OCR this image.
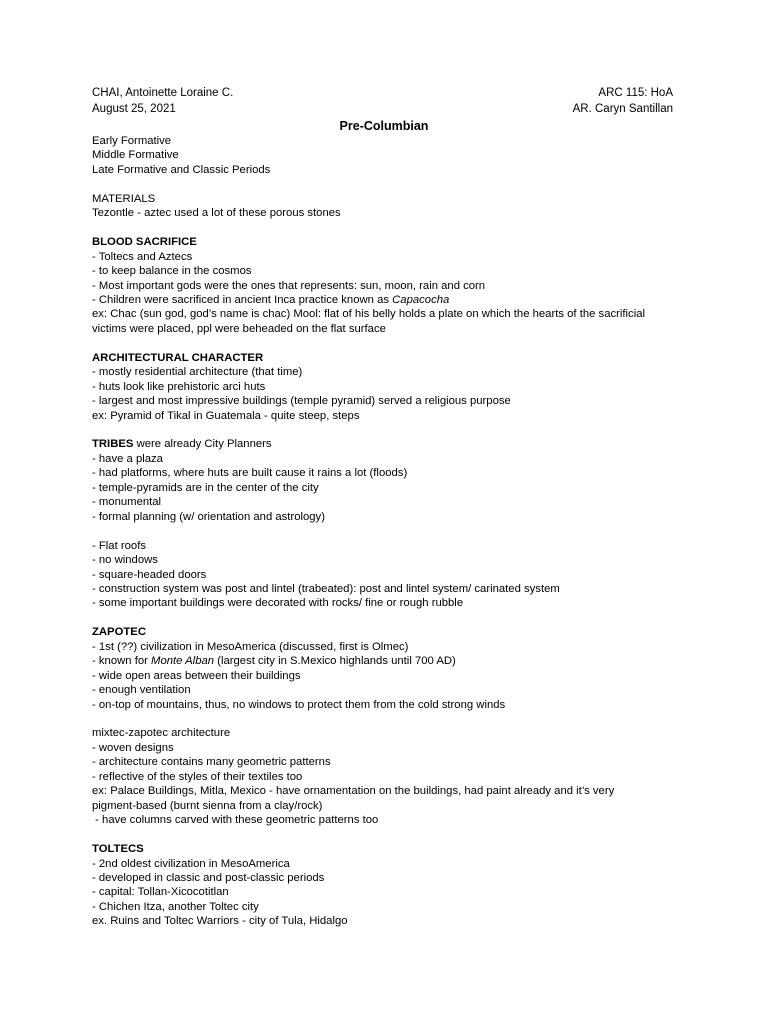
CHAI, Antoinette Loraine C.	ARC 115: HoA
August 25, 2021	AR. Caryn Santillan
Pre-Columbian
Early Formative
Middle Formative
Late Formative and Classic Periods
MATERIALS
Tezontle - aztec used a lot of these porous stones
BLOOD SACRIFICE
- Toltecs and Aztecs
- to keep balance in the cosmos
- Most important gods were the ones that represents: sun, moon, rain and corn
- Children were sacrificed in ancient Inca practice known as Capacocha
ex: Chac (sun god, god’s name is chac) Mool: flat of his belly holds a plate on which the hearts of the sacrificial
victims were placed, ppl were beheaded on the flat surface
ARCHITECTURAL CHARACTER
- mostly residential architecture (that time)
- huts look like prehistoric arci huts
- largest and most impressive buildings (temple pyramid) served a religious purpose
ex: Pyramid of Tikal in Guatemala - quite steep, steps
TRIBES were already City Planners
- have a plaza
- had platforms, where huts are built cause it rains a lot (floods)
- temple-pyramids are in the center of the city
- monumental
- formal planning (w/ orientation and astrology)
- Flat roofs
- no windows
- square-headed doors
- construction system was post and lintel (trabeated): post and lintel system/ carinated system
- some important buildings were decorated with rocks/ fine or rough rubble
ZAPOTEC
- 1st (??) civilization in MesoAmerica (discussed, first is Olmec)
- known for Monte Alban (largest city in S.Mexico highlands until 700 AD)
- wide open areas between their buildings
- enough ventilation
- on-top of mountains, thus, no windows to protect them from the cold strong winds
mixtec-zapotec architecture
- woven designs
- architecture contains many geometric patterns
- reflective of the styles of their textiles too
ex: Palace Buildings, Mitla, Mexico - have ornamentation on the buildings, had paint already and it’s very
pigment-based (burnt sienna from a clay/rock)
- have columns carved with these geometric patterns too
TOLTECS
- 2nd oldest civilization in MesoAmerica
- developed in classic and post-classic periods
- capital: Tollan-Xicocotitlan
- Chichen Itza, another Toltec city
ex. Ruins and Toltec Warriors - city of Tula, Hidalgo
